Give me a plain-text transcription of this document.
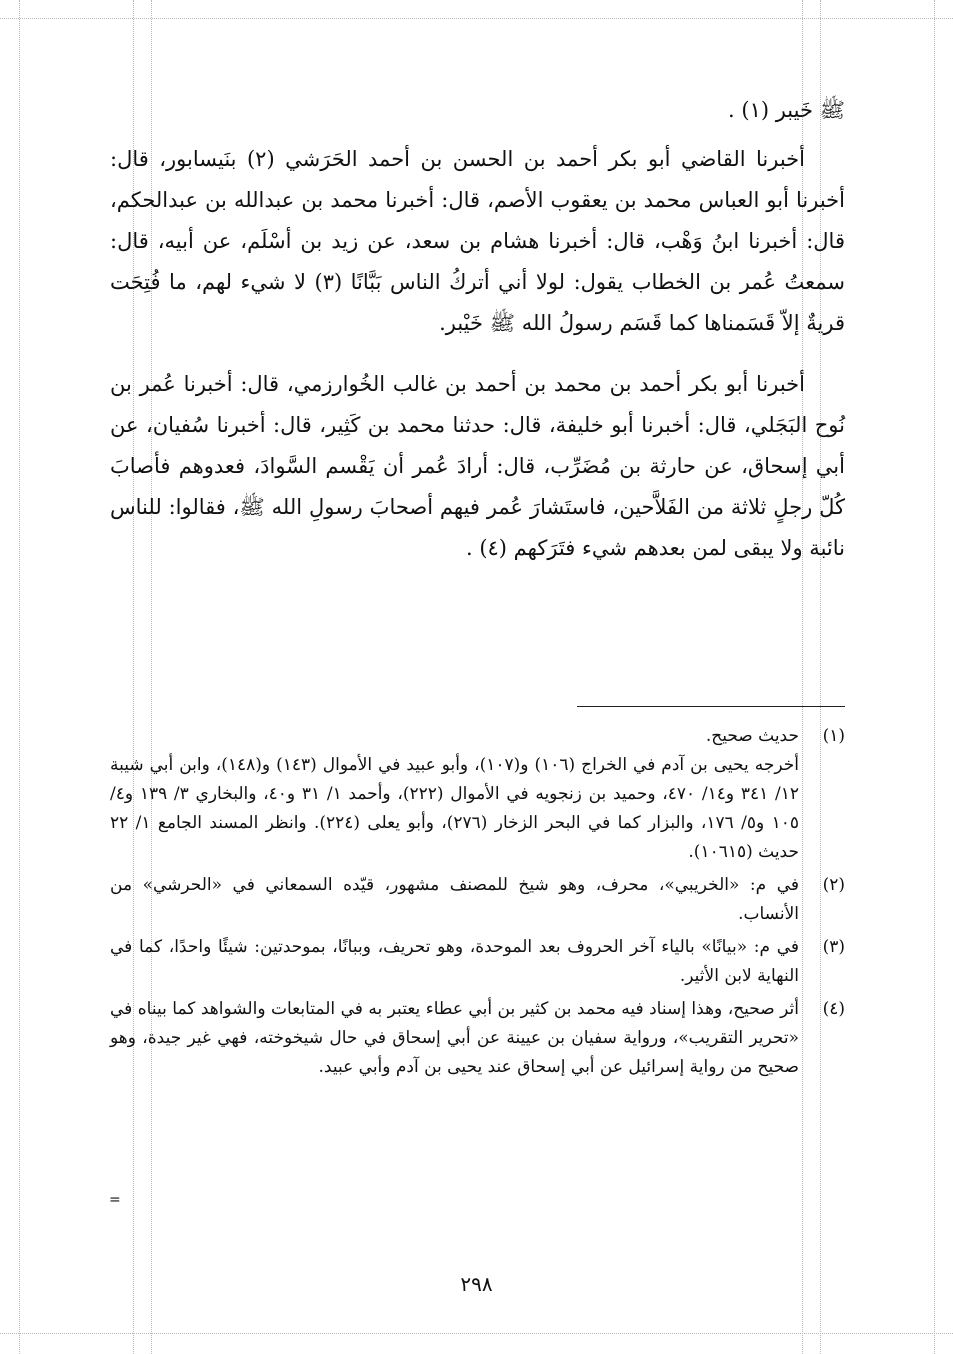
ﷺ خَيبر (١) .

أخبرنا القاضي أبو بكر أحمد بن الحسن بن أحمد الحَرَشي (٢) بنَيسابور، قال: أخبرنا أبو العباس محمد بن يعقوب الأصم، قال: أخبرنا محمد بن عبدالله بن عبدالحكم، قال: أخبرنا ابنُ وَهْب، قال: أخبرنا هشام بن سعد، عن زيد بن أسْلَم، عن أبيه، قال: سمعتُ عُمر بن الخطاب يقول: لولا أني أتركُ الناس بَبَّانًا (٣) لا شيء لهم، ما فُتِحَت قريةٌ إلاّ قَسَمناها كما قَسَم رسولُ الله ﷺ خَيْبر.

أخبرنا أبو بكر أحمد بن محمد بن أحمد بن غالب الخُوارزمي، قال: أخبرنا عُمر بن نُوح البَجَلي، قال: أخبرنا أبو خليفة، قال: حدثنا محمد بن كَثِير، قال: أخبرنا سُفيان، عن أبي إسحاق، عن حارثة بن مُضَرِّب، قال: أرادَ عُمر أن يَقْسم السَّوادَ، فعدوهم فأصابَ كُلّ رجلٍ ثلاثة من الفَلاَّحين، فاستَشارَ عُمر فيهم أصحابَ رسولِ الله ﷺ، فقالوا: للناس نائبة ولا يبقى لمن بعدهم شيء فتَرَكهم (٤) .

(١)
حديث صحيح.
أخرجه يحيى بن آدم في الخراج (١٠٦) و(١٠٧)، وأبو عبيد في الأموال (١٤٣) و(١٤٨)، وابن أبي شيبة ١٢/ ٣٤١ و١٤/ ٤٧٠، وحميد بن زنجويه في الأموال (٢٢٢)، وأحمد ١/ ٣١ و٤٠، والبخاري ٣/ ١٣٩ و٤/ ١٠٥ و٥/ ١٧٦، والبزار كما في البحر الزخار (٢٧٦)، وأبو يعلى (٢٢٤). وانظر المسند الجامع ١/ ٢٢ حديث (١٠٦١٥).
(٢)
في م: «الخريبي»، محرف، وهو شيخ للمصنف مشهور، قيّده السمعاني في «الحرشي» من الأنساب.
(٣)
في م: «بيانًا» بالياء آخر الحروف بعد الموحدة، وهو تحريف، وببانًا، بموحدتين: شيئًا واحدًا، كما في النهاية لابن الأثير.
(٤)
أثر صحيح، وهذا إسناد فيه محمد بن كثير بن أبي عطاء يعتبر به في المتابعات والشواهد كما بيناه في «تحرير التقريب»، ورواية سفيان بن عيينة عن أبي إسحاق في حال شيخوخته، فهي غير جيدة، وهو صحيح من رواية إسرائيل عن أبي إسحاق عند يحيى بن آدم وأبي عبيد.
=
٢٩٨
